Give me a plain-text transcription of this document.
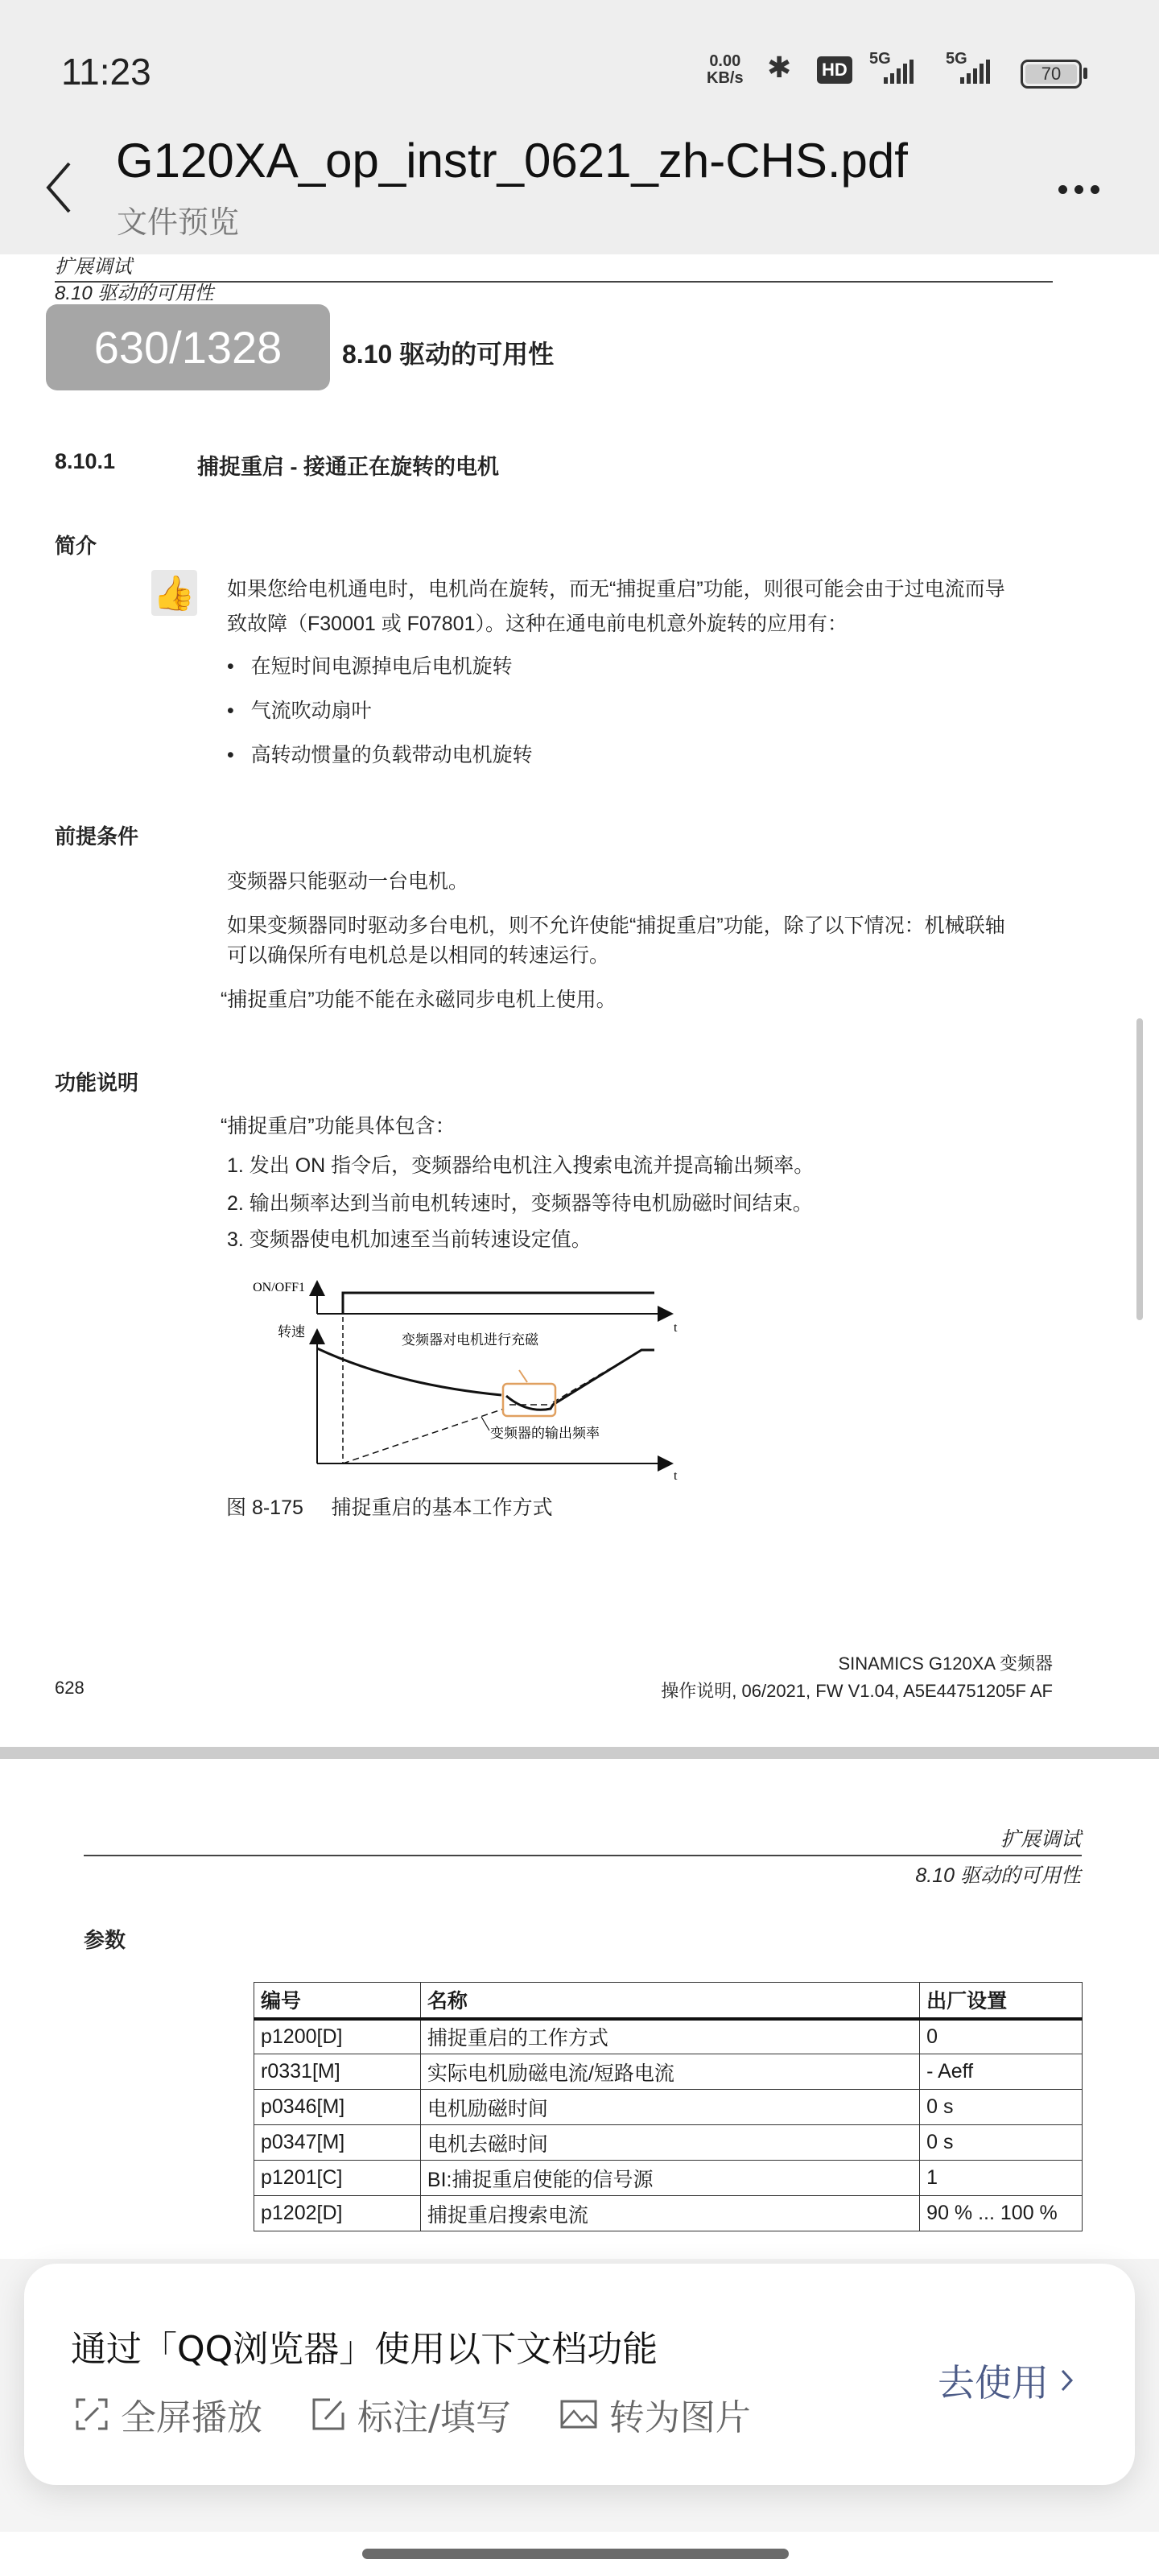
11:23	0.00
KB/s ✱ HD
5G	5G
70
G120XA_op_instr_0621_zh-CHS.pdf
文件预览
扩展调试
8.10 驱动的可用性
8.10 驱动的可用性
8.10.1	捕捉重启 - 接通正在旋转的电机
简介
👍 如果您给电机通电时，电机尚在旋转，而无“捕捉重启”功能，则很可能会由于过电流而导
致故障（F30001 或 F07801）。这种在通电前电机意外旋转的应用有：
•   在短时间电源掉电后电机旋转
•   气流吹动扇叶
•   高转动惯量的负载带动电机旋转
前提条件
变频器只能驱动一台电机。
如果变频器同时驱动多台电机，则不允许使能“捕捉重启”功能，除了以下情况：机械联轴
可以确保所有电机总是以相同的转速运行。
“捕捉重启”功能不能在永磁同步电机上使用。
功能说明
“捕捉重启”功能具体包含：
1. 发出 ON 指令后，变频器给电机注入搜索电流并提高输出频率。
2. 输出频率达到当前电机转速时，变频器等待电机励磁时间结束。
3. 变频器使电机加速至当前转速设定值。
ON/OFF1
t
转速
t
变频器对电机进行充磁
变频器的输出频率
图 8-175 捕捉重启的基本工作方式
SINAMICS G120XA 变频器
628	操作说明, 06/2021, FW V1.04, A5E44751205F AF
630/1328
扩展调试
8.10 驱动的可用性
参数
编号	名称	出厂设置
p1200[D]	捕捉重启的工作方式	0
r0331[M]	实际电机励磁电流/短路电流	- Aeff
p0346[M]	电机励磁时间	0 s
p0347[M]	电机去磁时间	0 s
p1201[C]	BI:捕捉重启使能的信号源	1
p1202[D]	捕捉重启搜索电流	90 % ... 100 %
通过「QQ浏览器」使用以下文档功能
全屏播放	标注/填写	转为图片
去使用
